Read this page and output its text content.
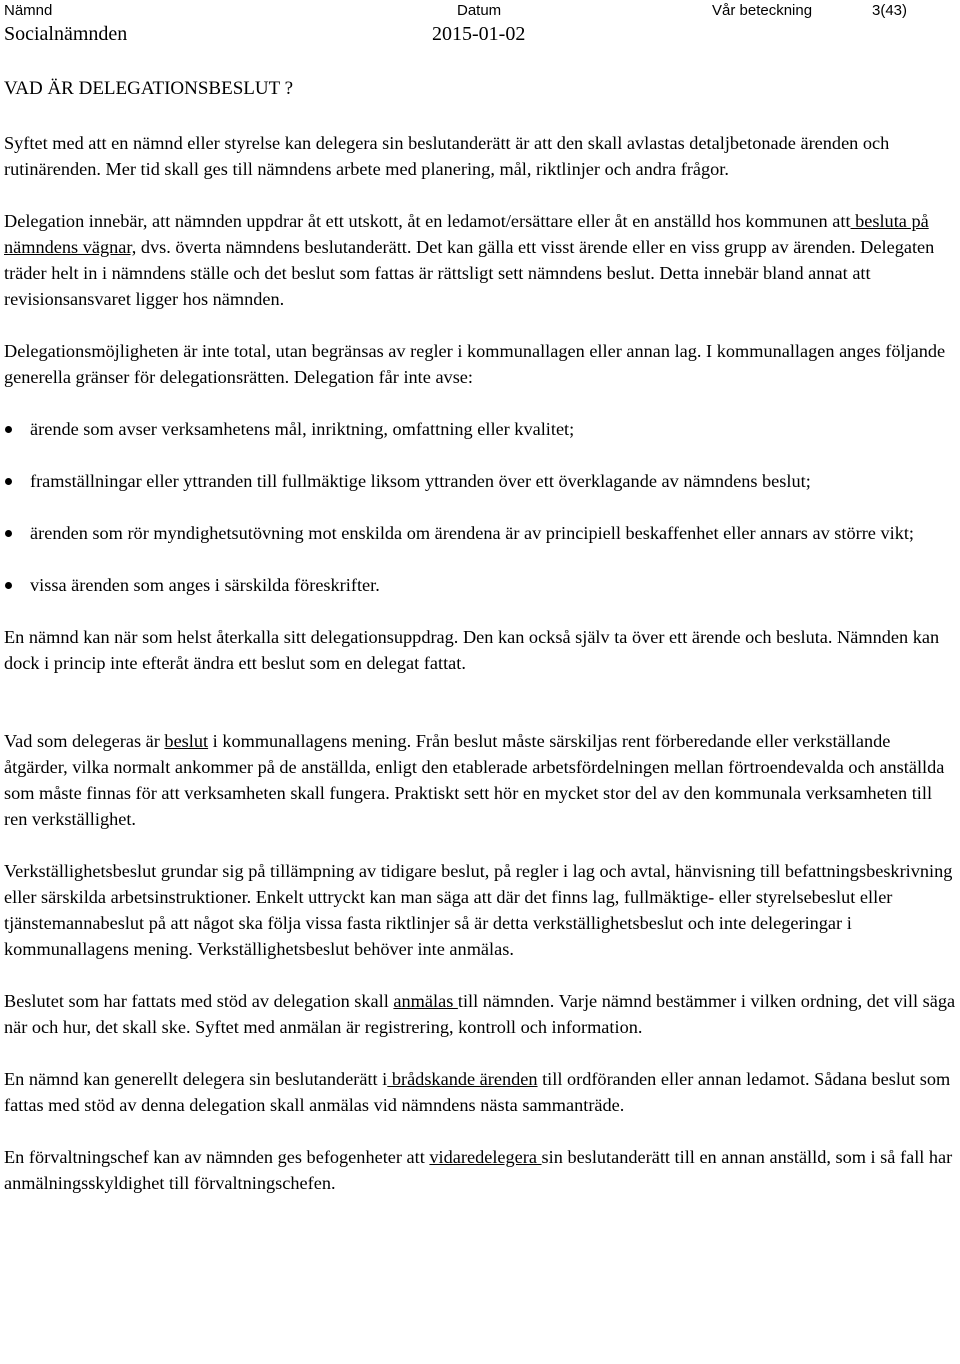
Nämnd	Datum	Vår beteckning	3(43)
Socialnämnden	2015-01-02
VAD ÄR DELEGATIONSBESLUT ?

Syftet med att en nämnd eller styrelse kan delegera sin beslutanderätt är att den skall avlastas detaljbetonade ärenden och rutinärenden. Mer tid skall ges till nämndens arbete med planering, mål, riktlinjer och andra frågor.

Delegation innebär, att nämnden uppdrar åt ett utskott, åt en ledamot/ersättare eller åt en anställd hos kommunen att besluta på nämndens vägnar, dvs. överta nämndens beslutanderätt. Det kan gälla ett visst ärende eller en viss grupp av ärenden. Delegaten träder helt in i nämndens ställe och det beslut som fattas är rättsligt sett nämndens beslut. Detta innebär bland annat att revisionsansvaret ligger hos nämnden.

Delegationsmöjligheten är inte total, utan begränsas av regler i kommunallagen eller annan lag. I kommunallagen anges följande generella gränser för delegationsrätten. Delegation får inte avse:

ärende som avser verksamhetens mål, inriktning, omfattning eller kvalitet;
framställningar eller yttranden till fullmäktige liksom yttranden över ett överklagande av nämndens beslut;
ärenden som rör myndighetsutövning mot enskilda om ärendena är av principiell beskaffenhet eller annars av större vikt;
vissa ärenden som anges i särskilda föreskrifter.

En nämnd kan när som helst återkalla sitt delegationsuppdrag. Den kan också själv ta över ett ärende och besluta. Nämnden kan dock i princip inte efteråt ändra ett beslut som en delegat fattat.

Vad som delegeras är beslut i kommunallagens mening. Från beslut måste särskiljas rent förberedande eller verkställande åtgärder, vilka normalt ankommer på de anställda, enligt den etablerade arbetsfördelningen mellan förtroendevalda och anställda som måste finnas för att verksamheten skall fungera. Praktiskt sett hör en mycket stor del av den kommunala verksamheten till ren verkställighet.

Verkställighetsbeslut grundar sig på tillämpning av tidigare beslut, på regler i lag och avtal, hänvisning till befattningsbeskrivning eller särskilda arbetsinstruktioner. Enkelt uttryckt kan man säga att där det finns lag, fullmäktige- eller styrelsebeslut eller tjänstemannabeslut på att något ska följa vissa fasta riktlinjer så är detta verkställighetsbeslut och inte delegeringar i kommunallagens mening. Verkställighetsbeslut behöver inte anmälas.

Beslutet som har fattats med stöd av delegation skall anmälas till nämnden. Varje nämnd bestämmer i vilken ordning, det vill säga när och hur, det skall ske. Syftet med anmälan är registrering, kontroll och information.

En nämnd kan generellt delegera sin beslutanderätt i brådskande ärenden till ordföranden eller annan ledamot. Sådana beslut som fattas med stöd av denna delegation skall anmälas vid nämndens nästa sammanträde.

En förvaltningschef kan av nämnden ges befogenheter att vidaredelegera sin beslutanderätt till en annan anställd, som i så fall har anmälningsskyldighet till förvaltningschefen.
